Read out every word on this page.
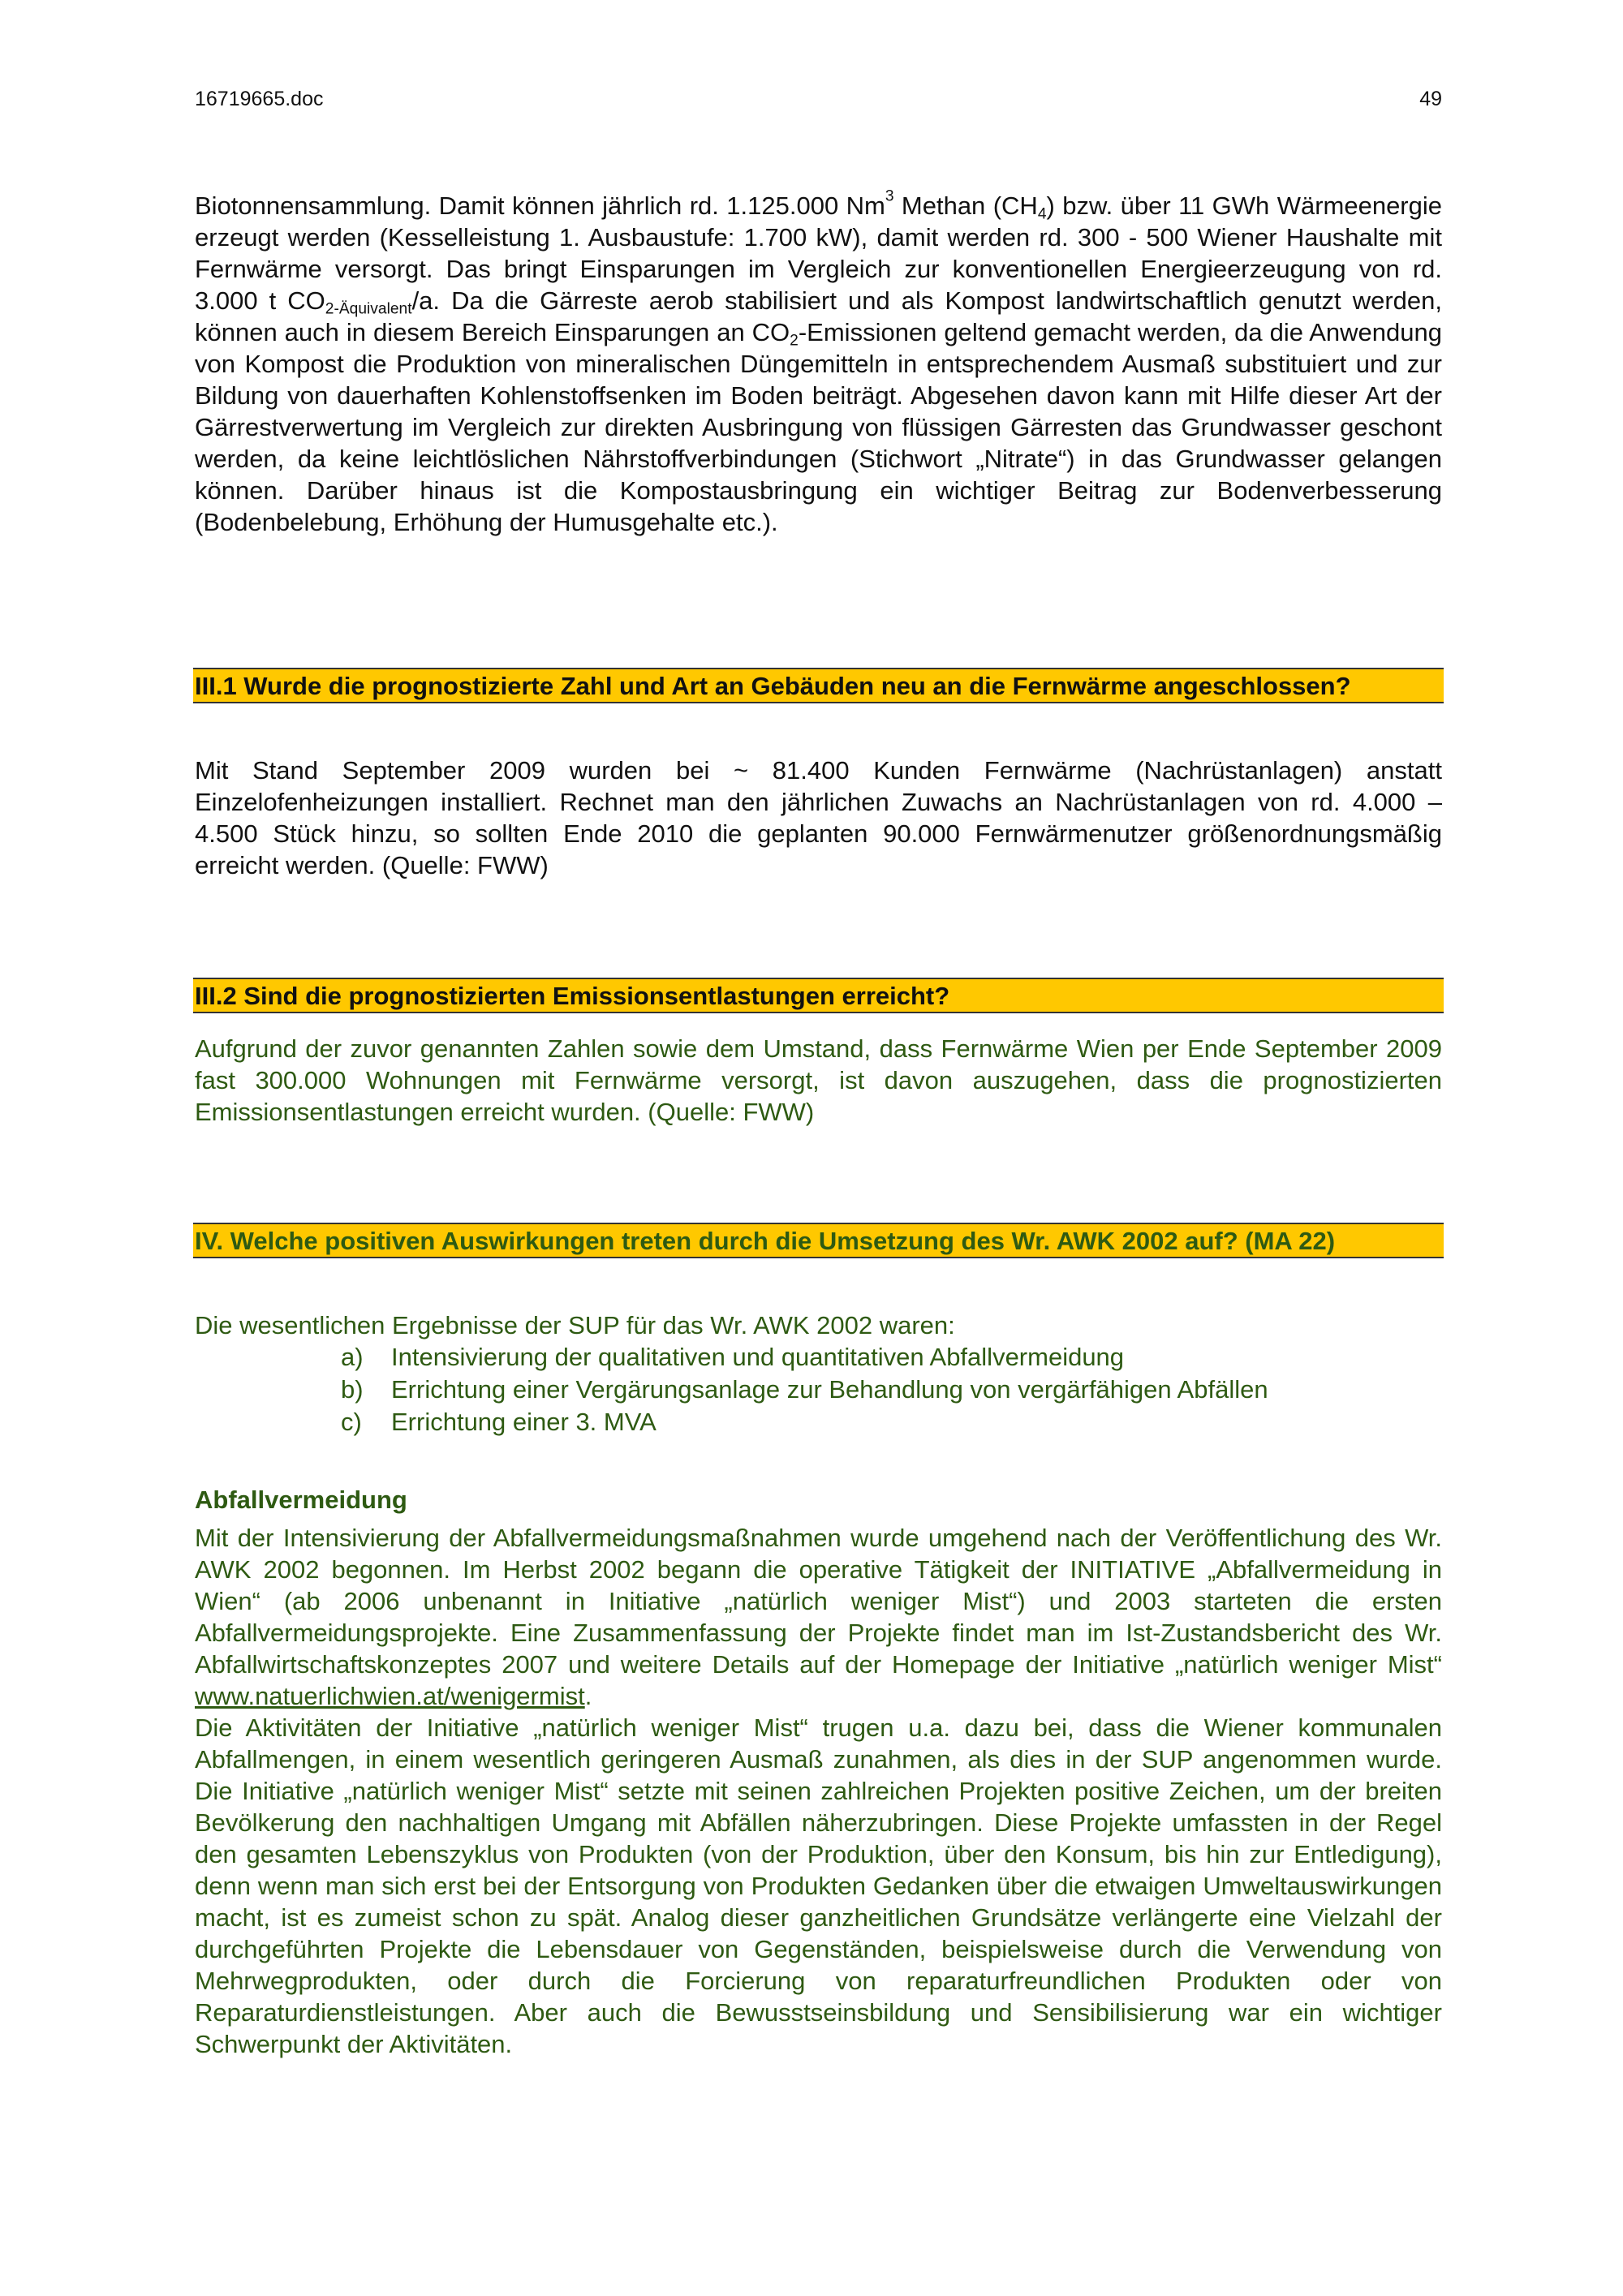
16719665.doc	49

Biotonnensammlung. Damit können jährlich rd. 1.125.000 Nm$^3$ Methan $(CH_4)$ bzw. über 11 GWh Wärmeenergie erzeugt werden (Kesselleistung 1. Ausbaustufe: 1.700 kW), damit werden rd. 300 - 500 Wiener Haushalte mit Fernwärme versorgt. Das bringt Einsparungen im Vergleich zur konventionellen Energieerzeugung von rd. 3.000 t $CO_{2-Äquivalent}/a$. Da die Gärreste aerob stabilisiert und als Kompost landwirtschaftlich genutzt werden, können auch in diesem Bereich Einsparungen an $CO_2$-Emissionen geltend gemacht werden, da die Anwendung von Kompost die Produktion von mineralischen Düngemitteln in entsprechendem Ausmaß substituiert und zur Bildung von dauerhaften Kohlenstoffsenken im Boden beiträgt. Abgesehen davon kann mit Hilfe dieser Art der Gärrestverwertung im Vergleich zur direkten Ausbringung von flüssigen Gärresten das Grundwasser geschont werden, da keine leichtlöslichen Nährstoffverbindungen (Stichwort „Nitrate“) in das Grundwasser gelangen können. Darüber hinaus ist die Kompostausbringung ein wichtiger Beitrag zur Bodenverbesserung (Bodenbelebung, Erhöhung der Humusgehalte etc.).

III.1 Wurde die prognostizierte Zahl und Art an Gebäuden neu an die Fernwärme angeschlossen?

Mit Stand September 2009 wurden bei ~ 81.400 Kunden Fernwärme (Nachrüstanlagen) anstatt Einzelofenheizungen installiert. Rechnet man den jährlichen Zuwachs an Nachrüstanlagen von rd. 4.000 – 4.500 Stück hinzu, so sollten Ende 2010 die geplanten 90.000 Fernwärmenutzer größenordnungsmäßig erreicht werden. (Quelle: FWW)

III.2 Sind die prognostizierten Emissionsentlastungen erreicht?

Aufgrund der zuvor genannten Zahlen sowie dem Umstand, dass Fernwärme Wien per Ende September 2009 fast 300.000 Wohnungen mit Fernwärme versorgt, ist davon auszugehen, dass die prognostizierten Emissionsentlastungen erreicht wurden. (Quelle: FWW)

IV. Welche positiven Auswirkungen treten durch die Umsetzung des Wr. AWK 2002 auf? (MA 22)

Die wesentlichen Ergebnisse der SUP für das Wr. AWK 2002 waren:

a) Intensivierung der qualitativen und quantitativen Abfallvermeidung
b) Errichtung einer Vergärungsanlage zur Behandlung von vergärfähigen Abfällen
c) Errichtung einer 3. MVA

Abfallvermeidung

Mit der Intensivierung der Abfallvermeidungsmaßnahmen wurde umgehend nach der Veröffentlichung des Wr. AWK 2002 begonnen. Im Herbst 2002 begann die operative Tätigkeit der INITIATIVE „Abfallvermeidung in Wien“ (ab 2006 unbenannt in Initiative „natürlich weniger Mist“) und 2003 starteten die ersten Abfallvermeidungsprojekte. Eine Zusammenfassung der Projekte findet man im Ist-Zustandsbericht des Wr. Abfallwirtschaftskonzeptes 2007 und weitere Details auf der Homepage der Initiative „natürlich weniger Mist“ www.natuerlichwien.at/wenigermist.

Die Aktivitäten der Initiative „natürlich weniger Mist“ trugen u.a. dazu bei, dass die Wiener kommunalen Abfallmengen, in einem wesentlich geringeren Ausmaß zunahmen, als dies in der SUP angenommen wurde. Die Initiative „natürlich weniger Mist“ setzte mit seinen zahlreichen Projekten positive Zeichen, um der breiten Bevölkerung den nachhaltigen Umgang mit Abfällen näherzubringen. Diese Projekte umfassten in der Regel den gesamten Lebenszyklus von Produkten (von der Produktion, über den Konsum, bis hin zur Entledigung), denn wenn man sich erst bei der Entsorgung von Produkten Gedanken über die etwaigen Umweltauswirkungen macht, ist es zumeist schon zu spät. Analog dieser ganzheitlichen Grundsätze verlängerte eine Vielzahl der durchgeführten Projekte die Lebensdauer von Gegenständen, beispielsweise durch die Verwendung von Mehrwegprodukten, oder durch die Forcierung von reparaturfreundlichen Produkten oder von Reparaturdienstleistungen. Aber auch die Bewusstseinsbildung und Sensibilisierung war ein wichtiger Schwerpunkt der Aktivitäten.
